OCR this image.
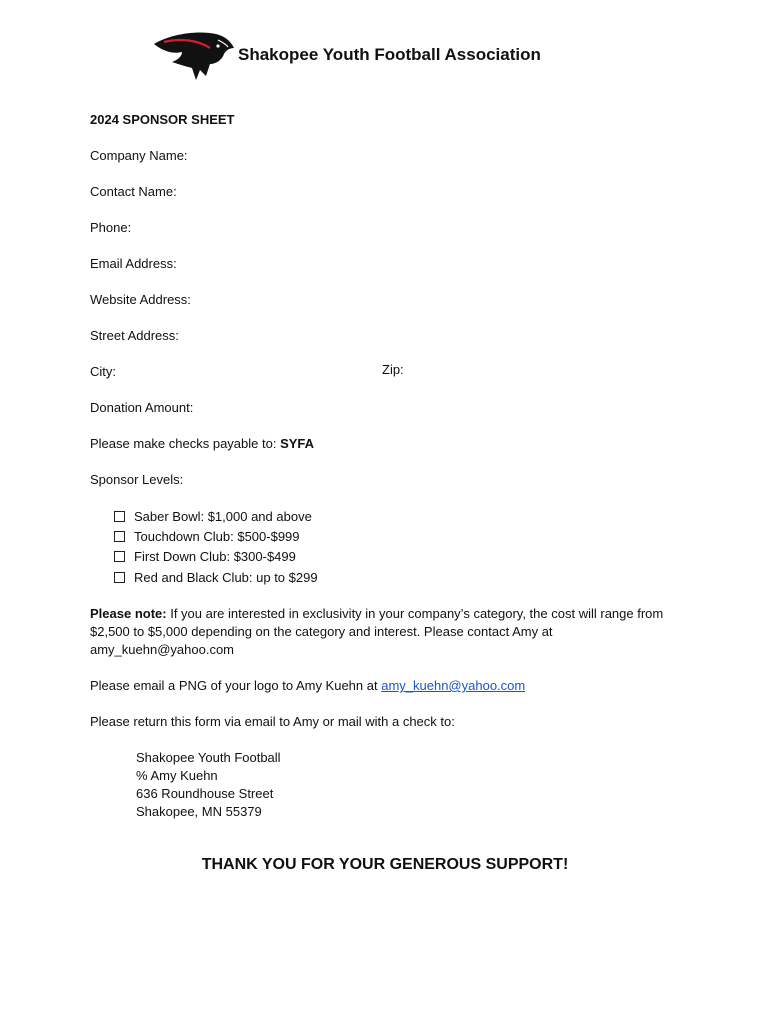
Shakopee Youth Football Association
2024 SPONSOR SHEET
Company Name:
Contact Name:
Phone:
Email Address:
Website Address:
Street Address:
City:	Zip:
Donation Amount:
Please make checks payable to: SYFA
Sponsor Levels:
Saber Bowl: $1,000 and above
Touchdown Club: $500-$999
First Down Club: $300-$499
Red and Black Club: up to $299
Please note: If you are interested in exclusivity in your company’s category, the cost will range from
$2,500 to $5,000 depending on the category and interest. Please contact Amy at
amy_kuehn@yahoo.com
Please email a PNG of your logo to Amy Kuehn at amy_kuehn@yahoo.com
Please return this form via email to Amy or mail with a check to:
Shakopee Youth Football
% Amy Kuehn
636 Roundhouse Street
Shakopee, MN 55379
THANK YOU FOR YOUR GENEROUS SUPPORT!
